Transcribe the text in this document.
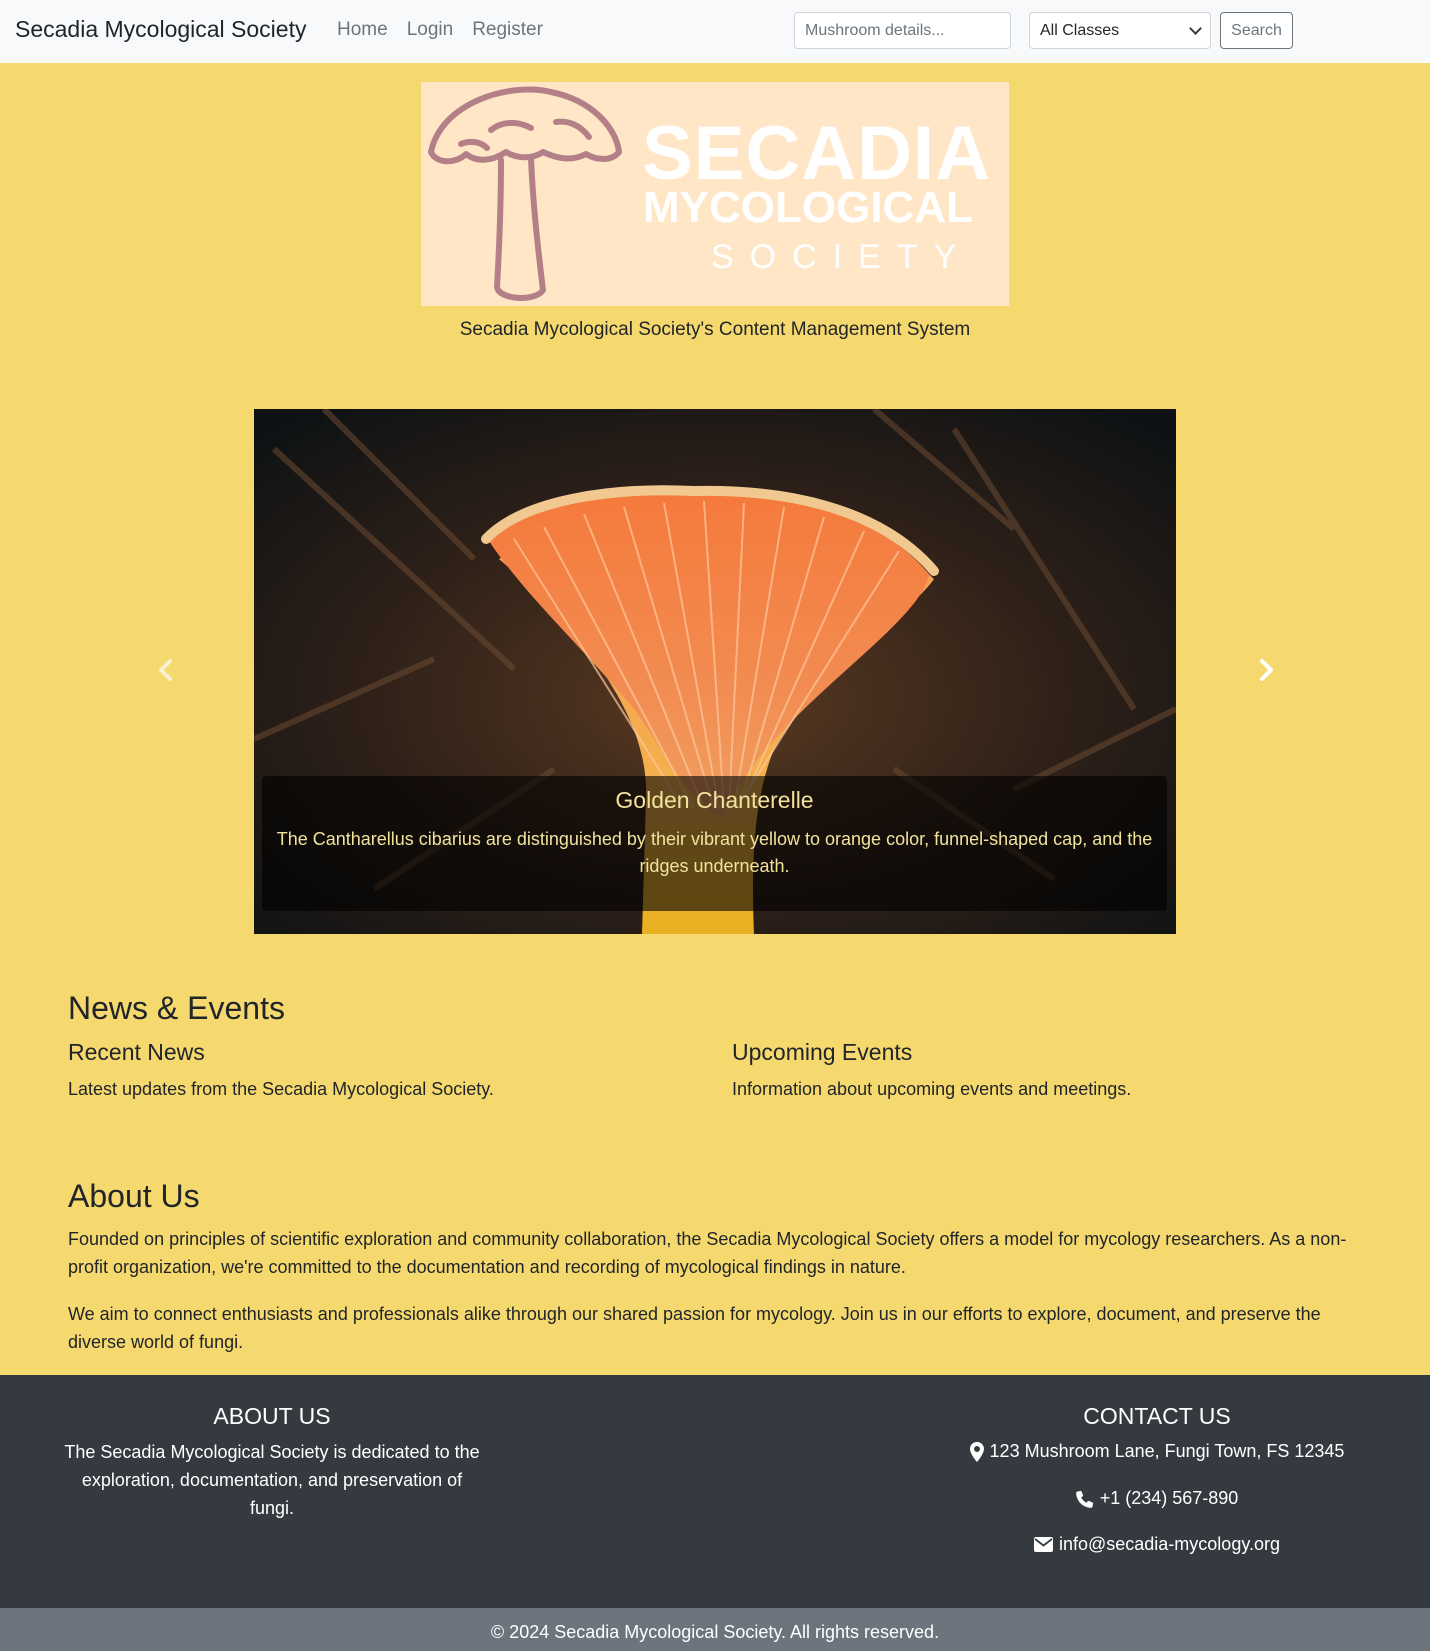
Secadia Mycological Society Home Login Register
Mushroom details...	All Classes	Search
SECADIA
MYCOLOGICAL
SOCIETY
Secadia Mycological Society's Content Management System
Golden Chanterelle
The Cantharellus cibarius are distinguished by their vibrant yellow to orange color, funnel-shaped cap, and the ridges underneath.
News & Events
Recent News
Latest updates from the Secadia Mycological Society.
Upcoming Events
Information about upcoming events and meetings.
About Us
Founded on principles of scientific exploration and community collaboration, the Secadia Mycological Society offers a model for mycology researchers. As a non-profit organization, we're committed to the documentation and recording of mycological findings in nature.
We aim to connect enthusiasts and professionals alike through our shared passion for mycology. Join us in our efforts to explore, document, and preserve the diverse world of fungi.
ABOUT US
The Secadia Mycological Society is dedicated to the exploration, documentation, and preservation of fungi.
CONTACT US
123 Mushroom Lane, Fungi Town, FS 12345
+1 (234) 567-890
info@secadia-mycology.org
© 2024 Secadia Mycological Society. All rights reserved.
